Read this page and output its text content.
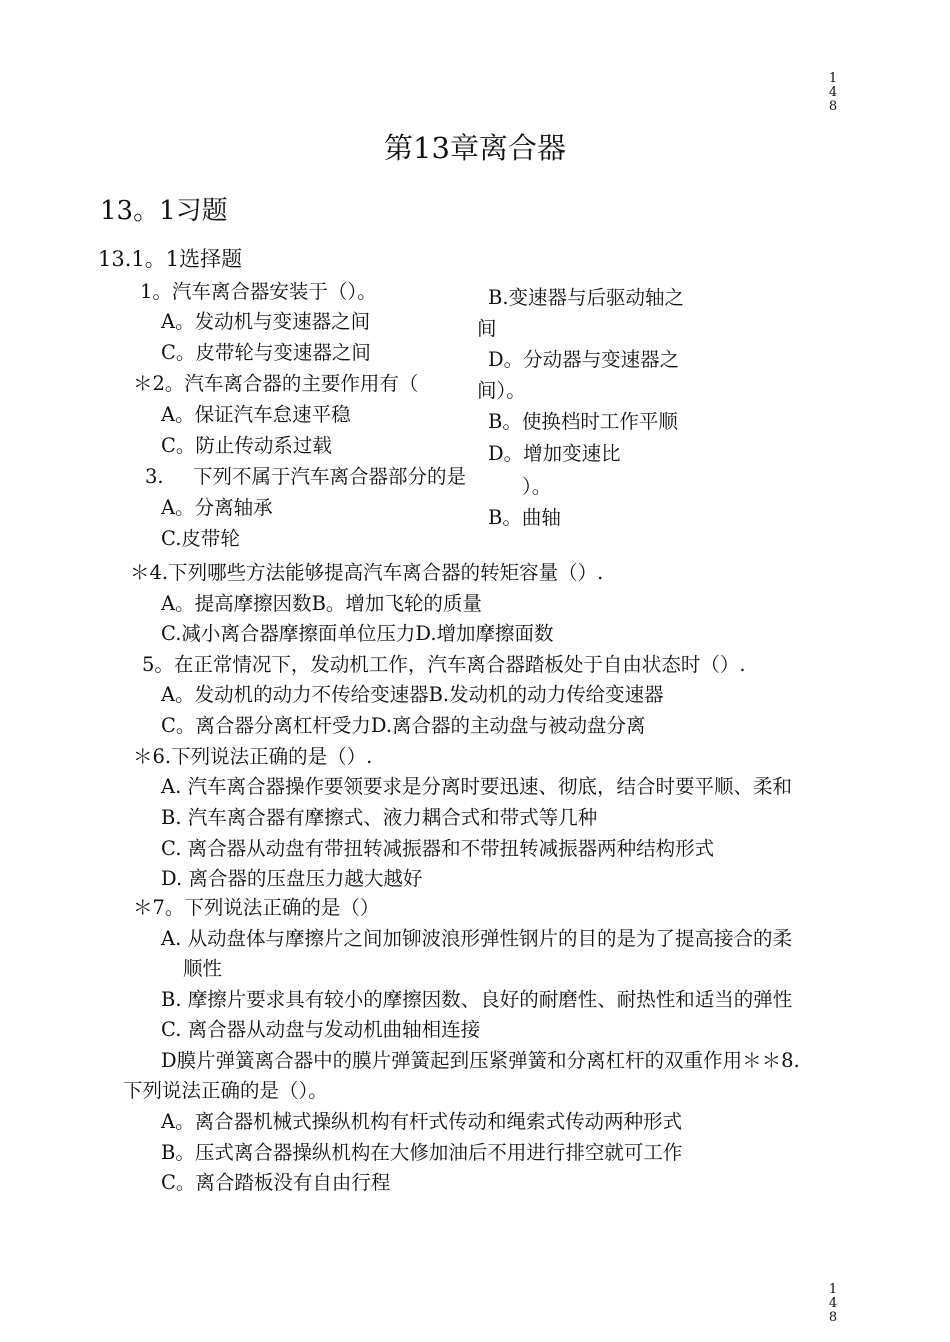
1
4
8
第13章离合器
13。1习题
13.1。1选择题
1。汽车离合器安装于（）。	B.变速器与后驱动轴之
A。发动机与变速器之间	间
C。皮带轮与变速器之间	D。分动器与变速器之
＊2。汽车离合器的主要作用有（	间）。
A。保证汽车怠速平稳	B。使换档时工作平顺
C。防止传动系过载	D。增加变速比
3. 下列不属于汽车离合器部分的是	）。
A。分离轴承	B。曲轴
C.皮带轮
＊4.下列哪些方法能够提高汽车离合器的转矩容量（）.
A。提高摩擦因数B。增加飞轮的质量
C.减小离合器摩擦面单位压力D.增加摩擦面数
5。在正常情况下，发动机工作，汽车离合器踏板处于自由状态时（）.
A。发动机的动力不传给变速器B.发动机的动力传给变速器
C。离合器分离杠杆受力D.离合器的主动盘与被动盘分离
＊6.下列说法正确的是（）.
A. 汽车离合器操作要领要求是分离时要迅速、彻底，结合时要平顺、柔和
B. 汽车离合器有摩擦式、液力耦合式和带式等几种
C. 离合器从动盘有带扭转减振器和不带扭转减振器两种结构形式
D. 离合器的压盘压力越大越好
＊7。下列说法正确的是（）
A. 从动盘体与摩擦片之间加铆波浪形弹性钢片的目的是为了提高接合的柔
顺性
B. 摩擦片要求具有较小的摩擦因数、良好的耐磨性、耐热性和适当的弹性
C. 离合器从动盘与发动机曲轴相连接
D膜片弹簧离合器中的膜片弹簧起到压紧弹簧和分离杠杆的双重作用＊＊8.
下列说法正确的是（）。
A。离合器机械式操纵机构有杆式传动和绳索式传动两种形式
B。压式离合器操纵机构在大修加油后不用进行排空就可工作
C。离合踏板没有自由行程
1
4
8
